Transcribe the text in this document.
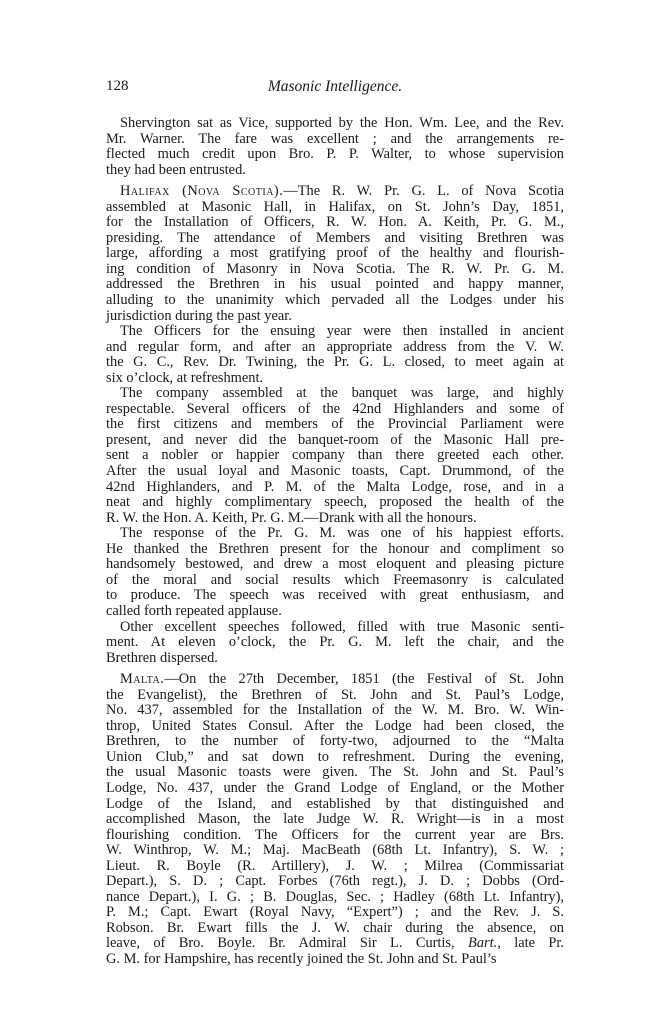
128	Masonic Intelligence.
Shervington sat as Vice, supported by the Hon. Wm. Lee, and the Rev.
Mr. Warner. The fare was excellent ; and the arrangements re-
flected much credit upon Bro. P. P. Walter, to whose supervision
they had been entrusted.
Halifax (Nova Scotia).—The R. W. Pr. G. L. of Nova Scotia
assembled at Masonic Hall, in Halifax, on St. John’s Day, 1851,
for the Installation of Officers, R. W. Hon. A. Keith, Pr. G. M.,
presiding. The attendance of Members and visiting Brethren was
large, affording a most gratifying proof of the healthy and flourish-
ing condition of Masonry in Nova Scotia. The R. W. Pr. G. M.
addressed the Brethren in his usual pointed and happy manner,
alluding to the unanimity which pervaded all the Lodges under his
jurisdiction during the past year.
The Officers for the ensuing year were then installed in ancient
and regular form, and after an appropriate address from the V. W.
the G. C., Rev. Dr. Twining, the Pr. G. L. closed, to meet again at
six o’clock, at refreshment.
The company assembled at the banquet was large, and highly
respectable. Several officers of the 42nd Highlanders and some of
the first citizens and members of the Provincial Parliament were
present, and never did the banquet-room of the Masonic Hall pre-
sent a nobler or happier company than there greeted each other.
After the usual loyal and Masonic toasts, Capt. Drummond, of the
42nd Highlanders, and P. M. of the Malta Lodge, rose, and in a
neat and highly complimentary speech, proposed the health of the
R. W. the Hon. A. Keith, Pr. G. M.—Drank with all the honours.
The response of the Pr. G. M. was one of his happiest efforts.
He thanked the Brethren present for the honour and compliment so
handsomely bestowed, and drew a most eloquent and pleasing picture
of the moral and social results which Freemasonry is calculated
to produce. The speech was received with great enthusiasm, and
called forth repeated applause.
Other excellent speeches followed, filled with true Masonic senti-
ment. At eleven o’clock, the Pr. G. M. left the chair, and the
Brethren dispersed.
Malta.—On the 27th December, 1851 (the Festival of St. John
the Evangelist), the Brethren of St. John and St. Paul’s Lodge,
No. 437, assembled for the Installation of the W. M. Bro. W. Win-
throp, United States Consul. After the Lodge had been closed, the
Brethren, to the number of forty-two, adjourned to the “Malta
Union Club,” and sat down to refreshment. During the evening,
the usual Masonic toasts were given. The St. John and St. Paul’s
Lodge, No. 437, under the Grand Lodge of England, or the Mother
Lodge of the Island, and established by that distinguished and
accomplished Mason, the late Judge W. R. Wright—is in a most
flourishing condition. The Officers for the current year are Brs.
W. Winthrop, W. M.; Maj. MacBeath (68th Lt. Infantry), S. W. ;
Lieut. R. Boyle (R. Artillery), J. W. ; Milrea (Commissariat
Depart.), S. D. ; Capt. Forbes (76th regt.), J. D. ; Dobbs (Ord-
nance Depart.), I. G. ; B. Douglas, Sec. ; Hadley (68th Lt. Infantry),
P. M.; Capt. Ewart (Royal Navy, “Expert”) ; and the Rev. J. S.
Robson. Br. Ewart fills the J. W. chair during the absence, on
leave, of Bro. Boyle. Br. Admiral Sir L. Curtis, Bart., late Pr.
G. M. for Hampshire, has recently joined the St. John and St. Paul’s
